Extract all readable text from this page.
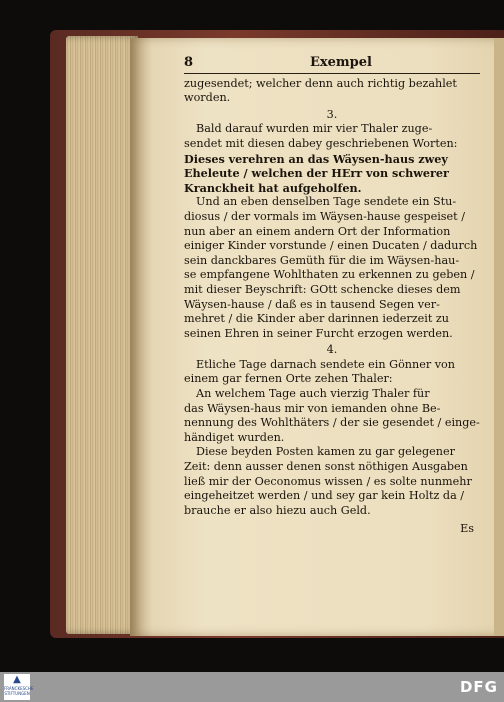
8	Exempel
zugesendet; welcher denn auch richtig bezahlet
worden.
3.
Bald darauf wurden mir vier Thaler zuge-
sendet mit diesen dabey geschriebenen Worten:
Dieses verehren an das Wäysen-haus zwey
Eheleute / welchen der HErr von schwerer
Kranckheit hat aufgeholfen.
Und an eben denselben Tage sendete ein Stu-
diosus / der vormals im Wäysen-hause gespeiset /
nun aber an einem andern Ort der Information
einiger Kinder vorstunde / einen Ducaten / dadurch
sein danckbares Gemüth für die im Wäysen-hau-
se empfangene Wohlthaten zu erkennen zu geben /
mit dieser Beyschrift: GOtt schencke dieses dem
Wäysen-hause / daß es in tausend Segen ver-
mehret / die Kinder aber darinnen iederzeit zu
seinen Ehren in seiner Furcht erzogen werden.
4.
Etliche Tage darnach sendete ein Gönner von
einem gar fernen Orte zehen Thaler:
An welchem Tage auch vierzig Thaler für
das Wäysen-haus mir von iemanden ohne Be-
nennung des Wohlthäters / der sie gesendet / einge-
händiget wurden.
Diese beyden Posten kamen zu gar gelegener
Zeit: denn ausser denen sonst nöthigen Ausgaben
ließ mir der Oeconomus wissen / es solte nunmehr
eingeheitzet werden / und sey gar kein Holtz da /
brauche er also hiezu auch Geld.
Es
▲
FRANCKESCHE STIFTUNGEN	DFG
